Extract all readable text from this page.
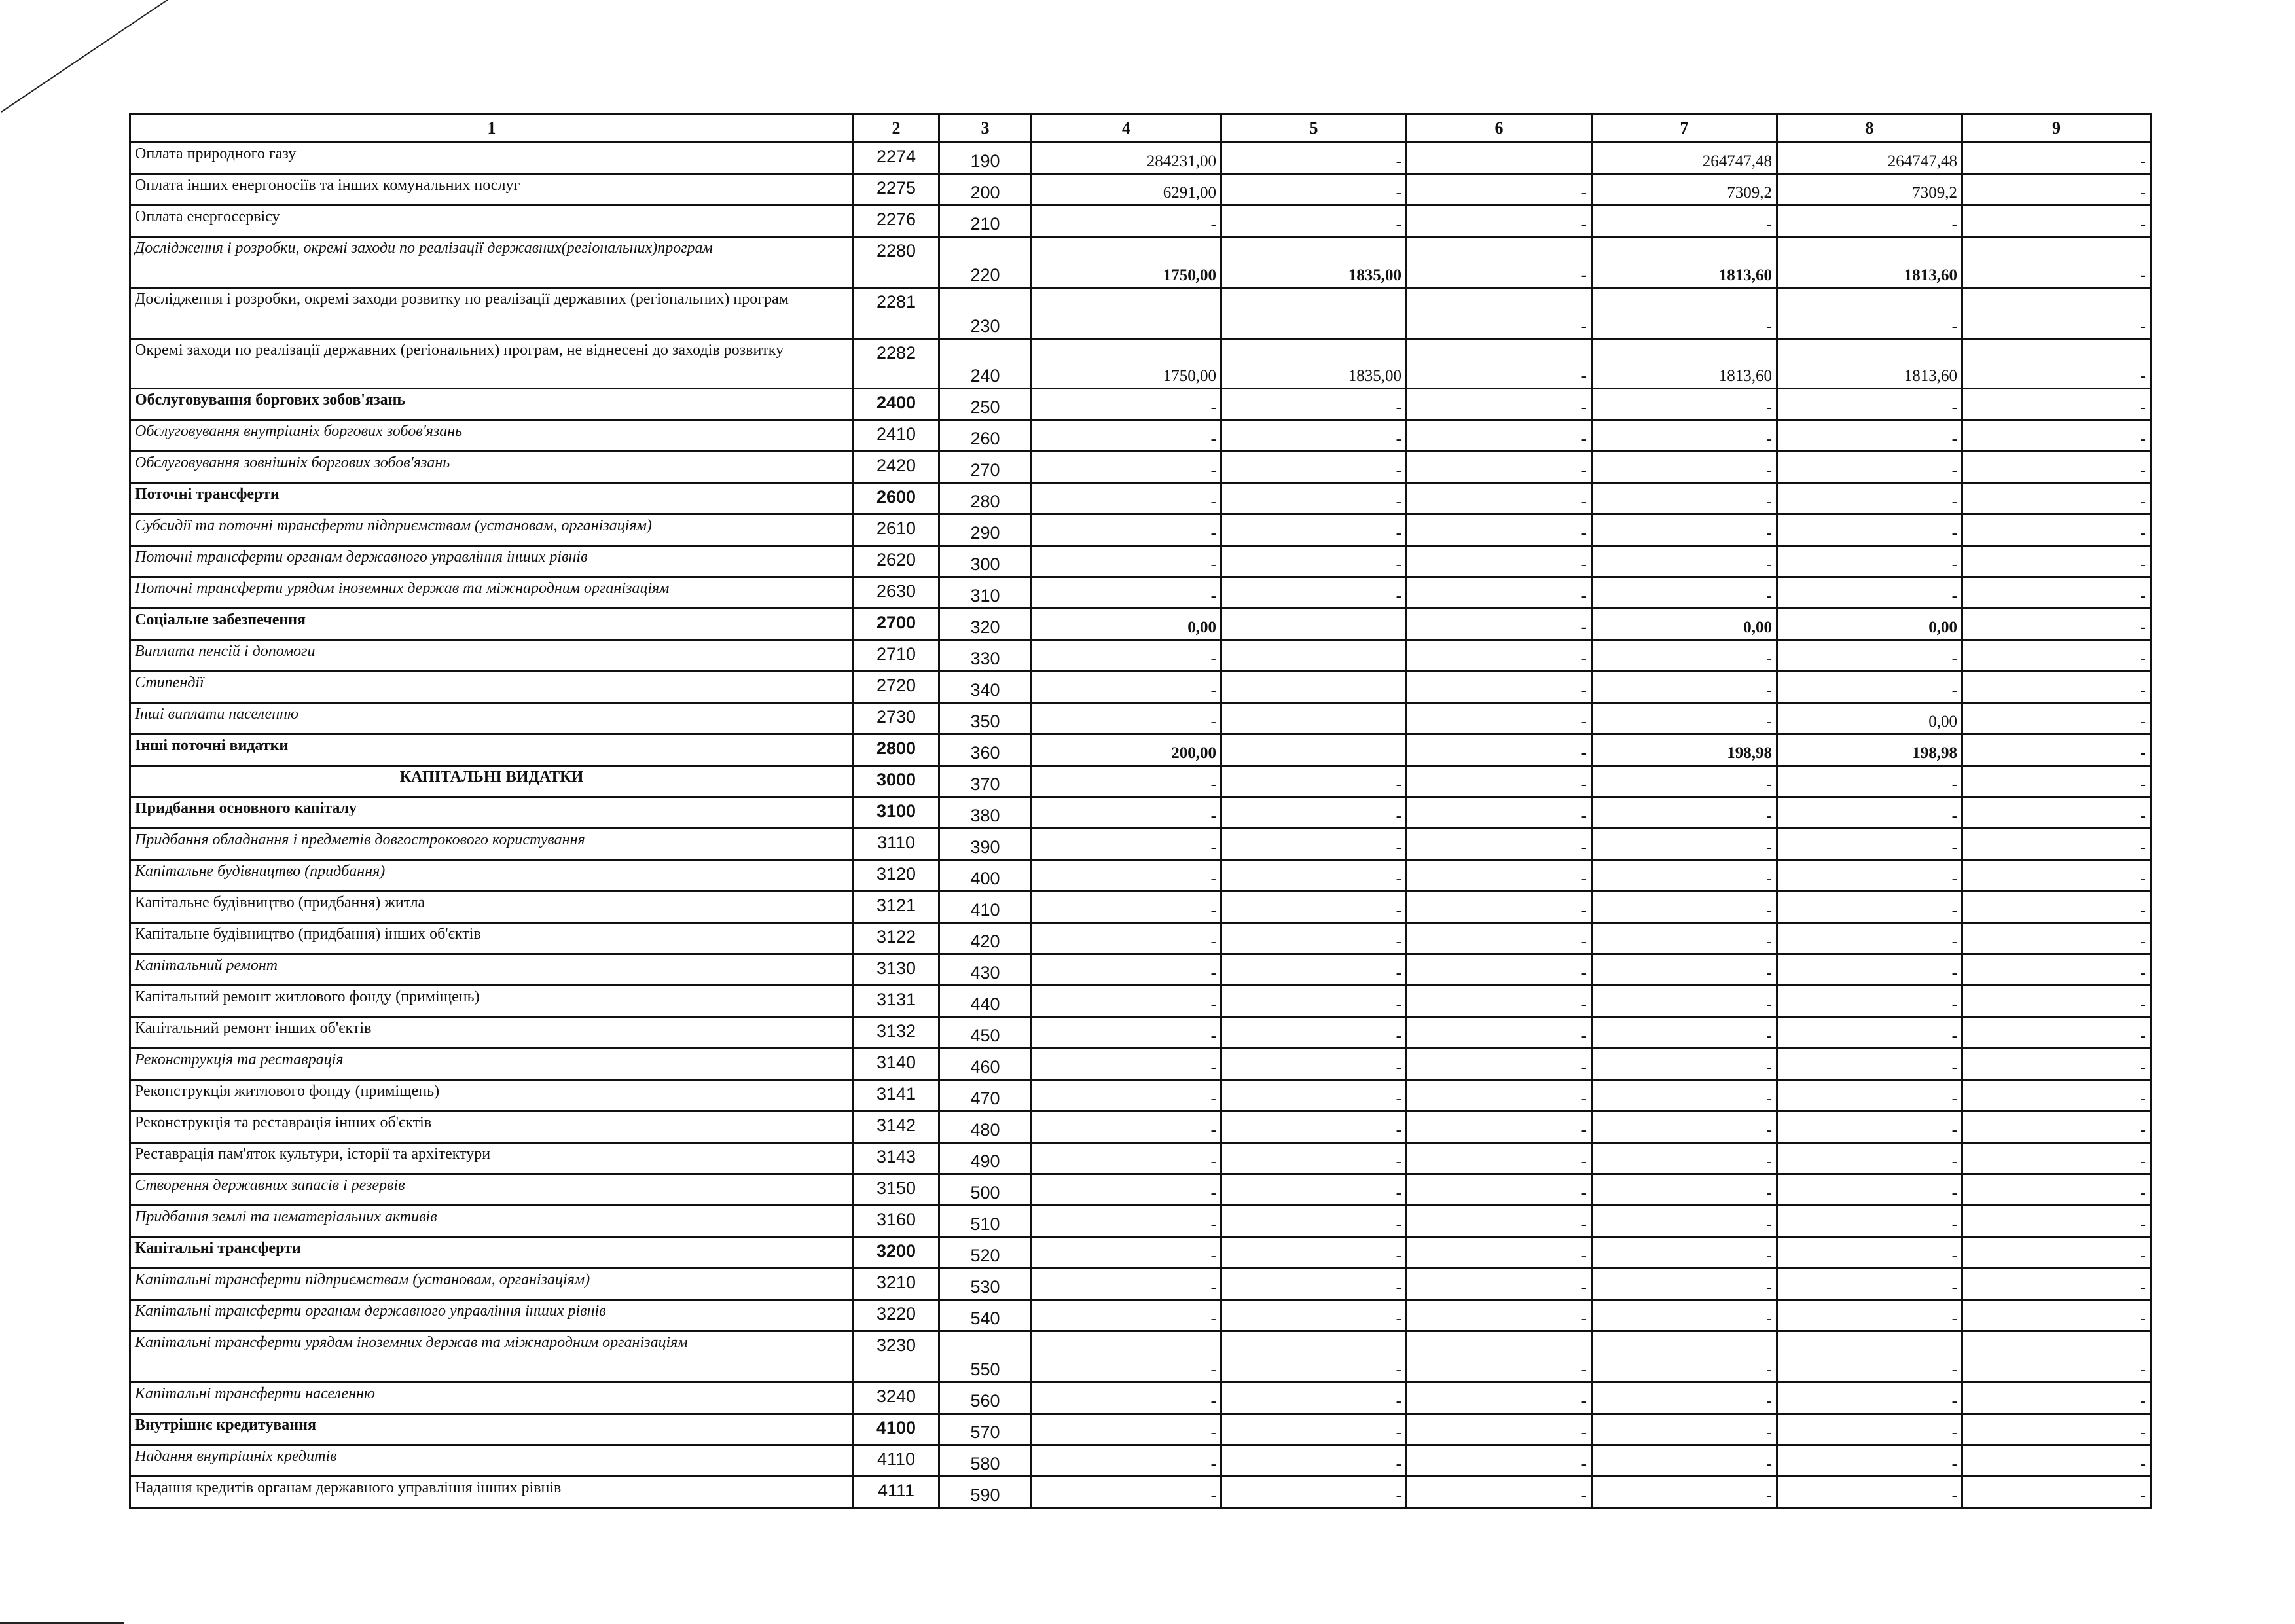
1	2	3	4	5	6	7	8	9
Оплата природного газу	2274	190	284231,00	-		264747,48	264747,48	-
Оплата інших енергоносіїв та інших комунальних послуг	2275	200	6291,00	-	-	7309,2	7309,2	-
Оплата енергосервісу	2276	210	-	-	-	-	-	-
Дослідження і розробки, окремі заходи по реалізації державних(регіональних)програм	2280	220	1750,00	1835,00	-	1813,60	1813,60	-
Дослідження і розробки, окремі заходи розвитку по реалізації державних (регіональних) програм	2281	230			-	-	-	-
Окремі заходи по реалізації державних (регіональних) програм, не віднесені до заходів розвитку	2282	240	1750,00	1835,00	-	1813,60	1813,60	-
Обслуговування боргових зобов'язань	2400	250	-	-	-	-	-	-
Обслуговування внутрішніх боргових зобов'язань	2410	260	-	-	-	-	-	-
Обслуговування зовнішніх боргових зобов'язань	2420	270	-	-	-	-	-	-
Поточні трансферти	2600	280	-	-	-	-	-	-
Субсидії та поточні трансферти підприємствам (установам, організаціям)	2610	290	-	-	-	-	-	-
Поточні трансферти органам державного управління інших рівнів	2620	300	-	-	-	-	-	-
Поточні трансферти урядам іноземних держав та міжнародним організаціям	2630	310	-	-	-	-	-	-
Соціальне забезпечення	2700	320	0,00		-	0,00	0,00	-
Виплата пенсій і допомоги	2710	330	-		-	-	-	-
Стипендії	2720	340	-		-	-	-	-
Інші виплати населенню	2730	350	-		-	-	0,00	-
Інші поточні видатки	2800	360	200,00		-	198,98	198,98	-
КАПІТАЛЬНІ ВИДАТКИ	3000	370	-	-	-	-	-	-
Придбання основного капіталу	3100	380	-	-	-	-	-	-
Придбання обладнання і предметів довгострокового користування	3110	390	-	-	-	-	-	-
Капітальне будівництво (придбання)	3120	400	-	-	-	-	-	-
Капітальне будівництво (придбання) житла	3121	410	-	-	-	-	-	-
Капітальне будівництво (придбання) інших об'єктів	3122	420	-	-	-	-	-	-
Капітальний ремонт	3130	430	-	-	-	-	-	-
Капітальний ремонт житлового фонду (приміщень)	3131	440	-	-	-	-	-	-
Капітальний ремонт інших об'єктів	3132	450	-	-	-	-	-	-
Реконструкція та реставрація	3140	460	-	-	-	-	-	-
Реконструкція житлового фонду (приміщень)	3141	470	-	-	-	-	-	-
Реконструкція та реставрація інших об'єктів	3142	480	-	-	-	-	-	-
Реставрація пам'яток культури, історії та архітектури	3143	490	-	-	-	-	-	-
Створення державних запасів і резервів	3150	500	-	-	-	-	-	-
Придбання землі та нематеріальних активів	3160	510	-	-	-	-	-	-
Капітальні трансферти	3200	520	-	-	-	-	-	-
Капітальні трансферти підприємствам (установам, організаціям)	3210	530	-	-	-	-	-	-
Капітальні трансферти органам державного управління інших рівнів	3220	540	-	-	-	-	-	-
Капітальні трансферти урядам іноземних держав та міжнародним організаціям	3230	550	-	-	-	-	-	-
Капітальні трансферти населенню	3240	560	-	-	-	-	-	-
Внутрішнє кредитування	4100	570	-	-	-	-	-	-
Надання внутрішніх кредитів	4110	580	-	-	-	-	-	-
Надання кредитів органам державного управління інших рівнів	4111	590	-	-	-	-	-	-
